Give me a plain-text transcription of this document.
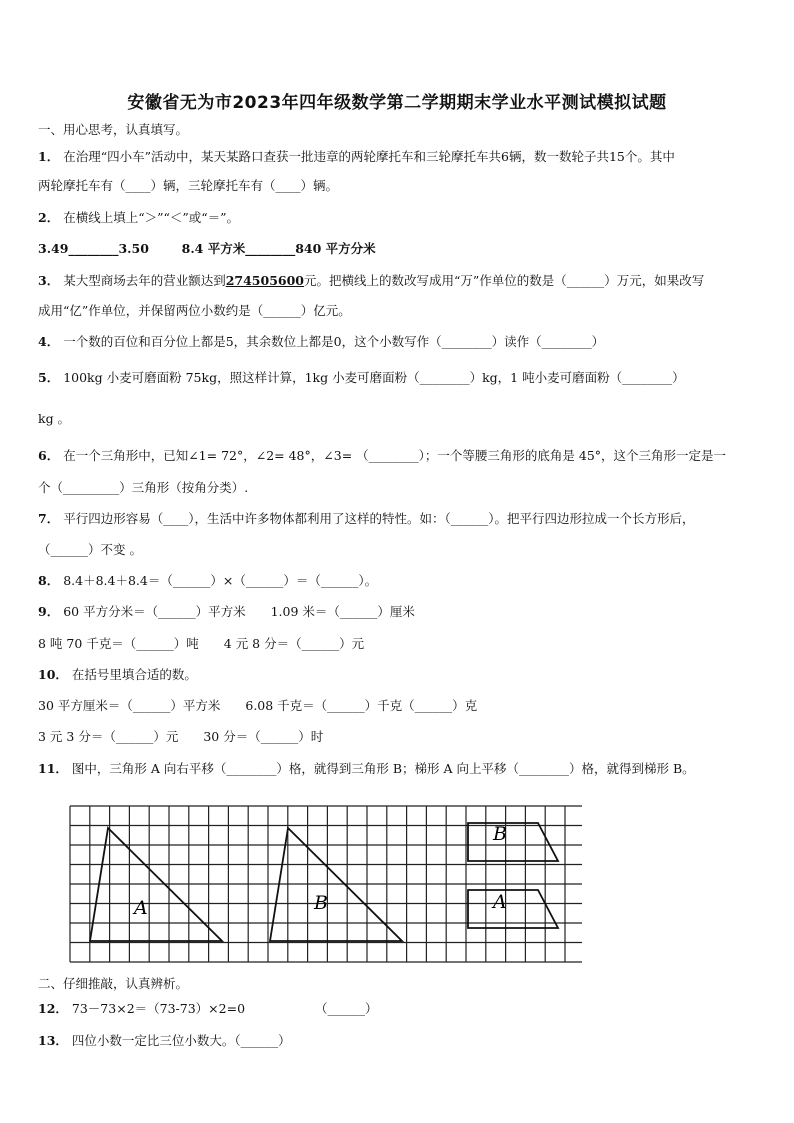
安徽省无为市2023年四年级数学第二学期期末学业水平测试模拟试题
一、用心思考，认真填写。
1． 在治理“四小车”活动中，某天某路口查获一批违章的两轮摩托车和三轮摩托车共6辆，数一数轮子共15个。其中
两轮摩托车有（____）辆，三轮摩托车有（____）辆。
2． 在横线上填上“＞”“＜”或“＝”。
3.49________3.50	8.4 平方米________840 平方分米
3． 某大型商场去年的营业额达到274505600元。把横线上的数改写成用“万”作单位的数是（______）万元，如果改写
成用“亿”作单位，并保留两位小数约是（______）亿元。
4． 一个数的百位和百分位上都是5，其余数位上都是0，这个小数写作（________）读作（________）
5． 100kg 小麦可磨面粉 75kg，照这样计算，1kg 小麦可磨面粉（________）kg，1 吨小麦可磨面粉（________）
kg 。
6． 在一个三角形中，已知∠1= 72°，∠2= 48°，∠3= （________）；一个等腰三角形的底角是 45°，这个三角形一定是一
个（_________）三角形（按角分类）.
7． 平行四边形容易（____），生活中许多物体都利用了这样的特性。如：（______）。把平行四边形拉成一个长方形后，
（______）不变 。
8． 8.4＋8.4＋8.4＝（______）×（______）＝（______）。
9． 60 平方分米＝（______）平方米　　1.09 米＝（______）厘米
8 吨 70 千克＝（______）吨　　4 元 8 分＝（______）元
10． 在括号里填合适的数。
30 平方厘米＝（______）平方米　　6.08 千克＝（______）千克（______）克
3 元 3 分＝（______）元　　30 分＝（______）时
11． 图中，三角形 A 向右平移（________）格，就得到三角形 B；梯形 A 向上平移（________）格，就得到梯形 B。
A	B
B
A
二、仔细推敲，认真辨析。
12． 73－73×2＝（73-73）×2=0	（______）
13． 四位小数一定比三位小数大。（______）
